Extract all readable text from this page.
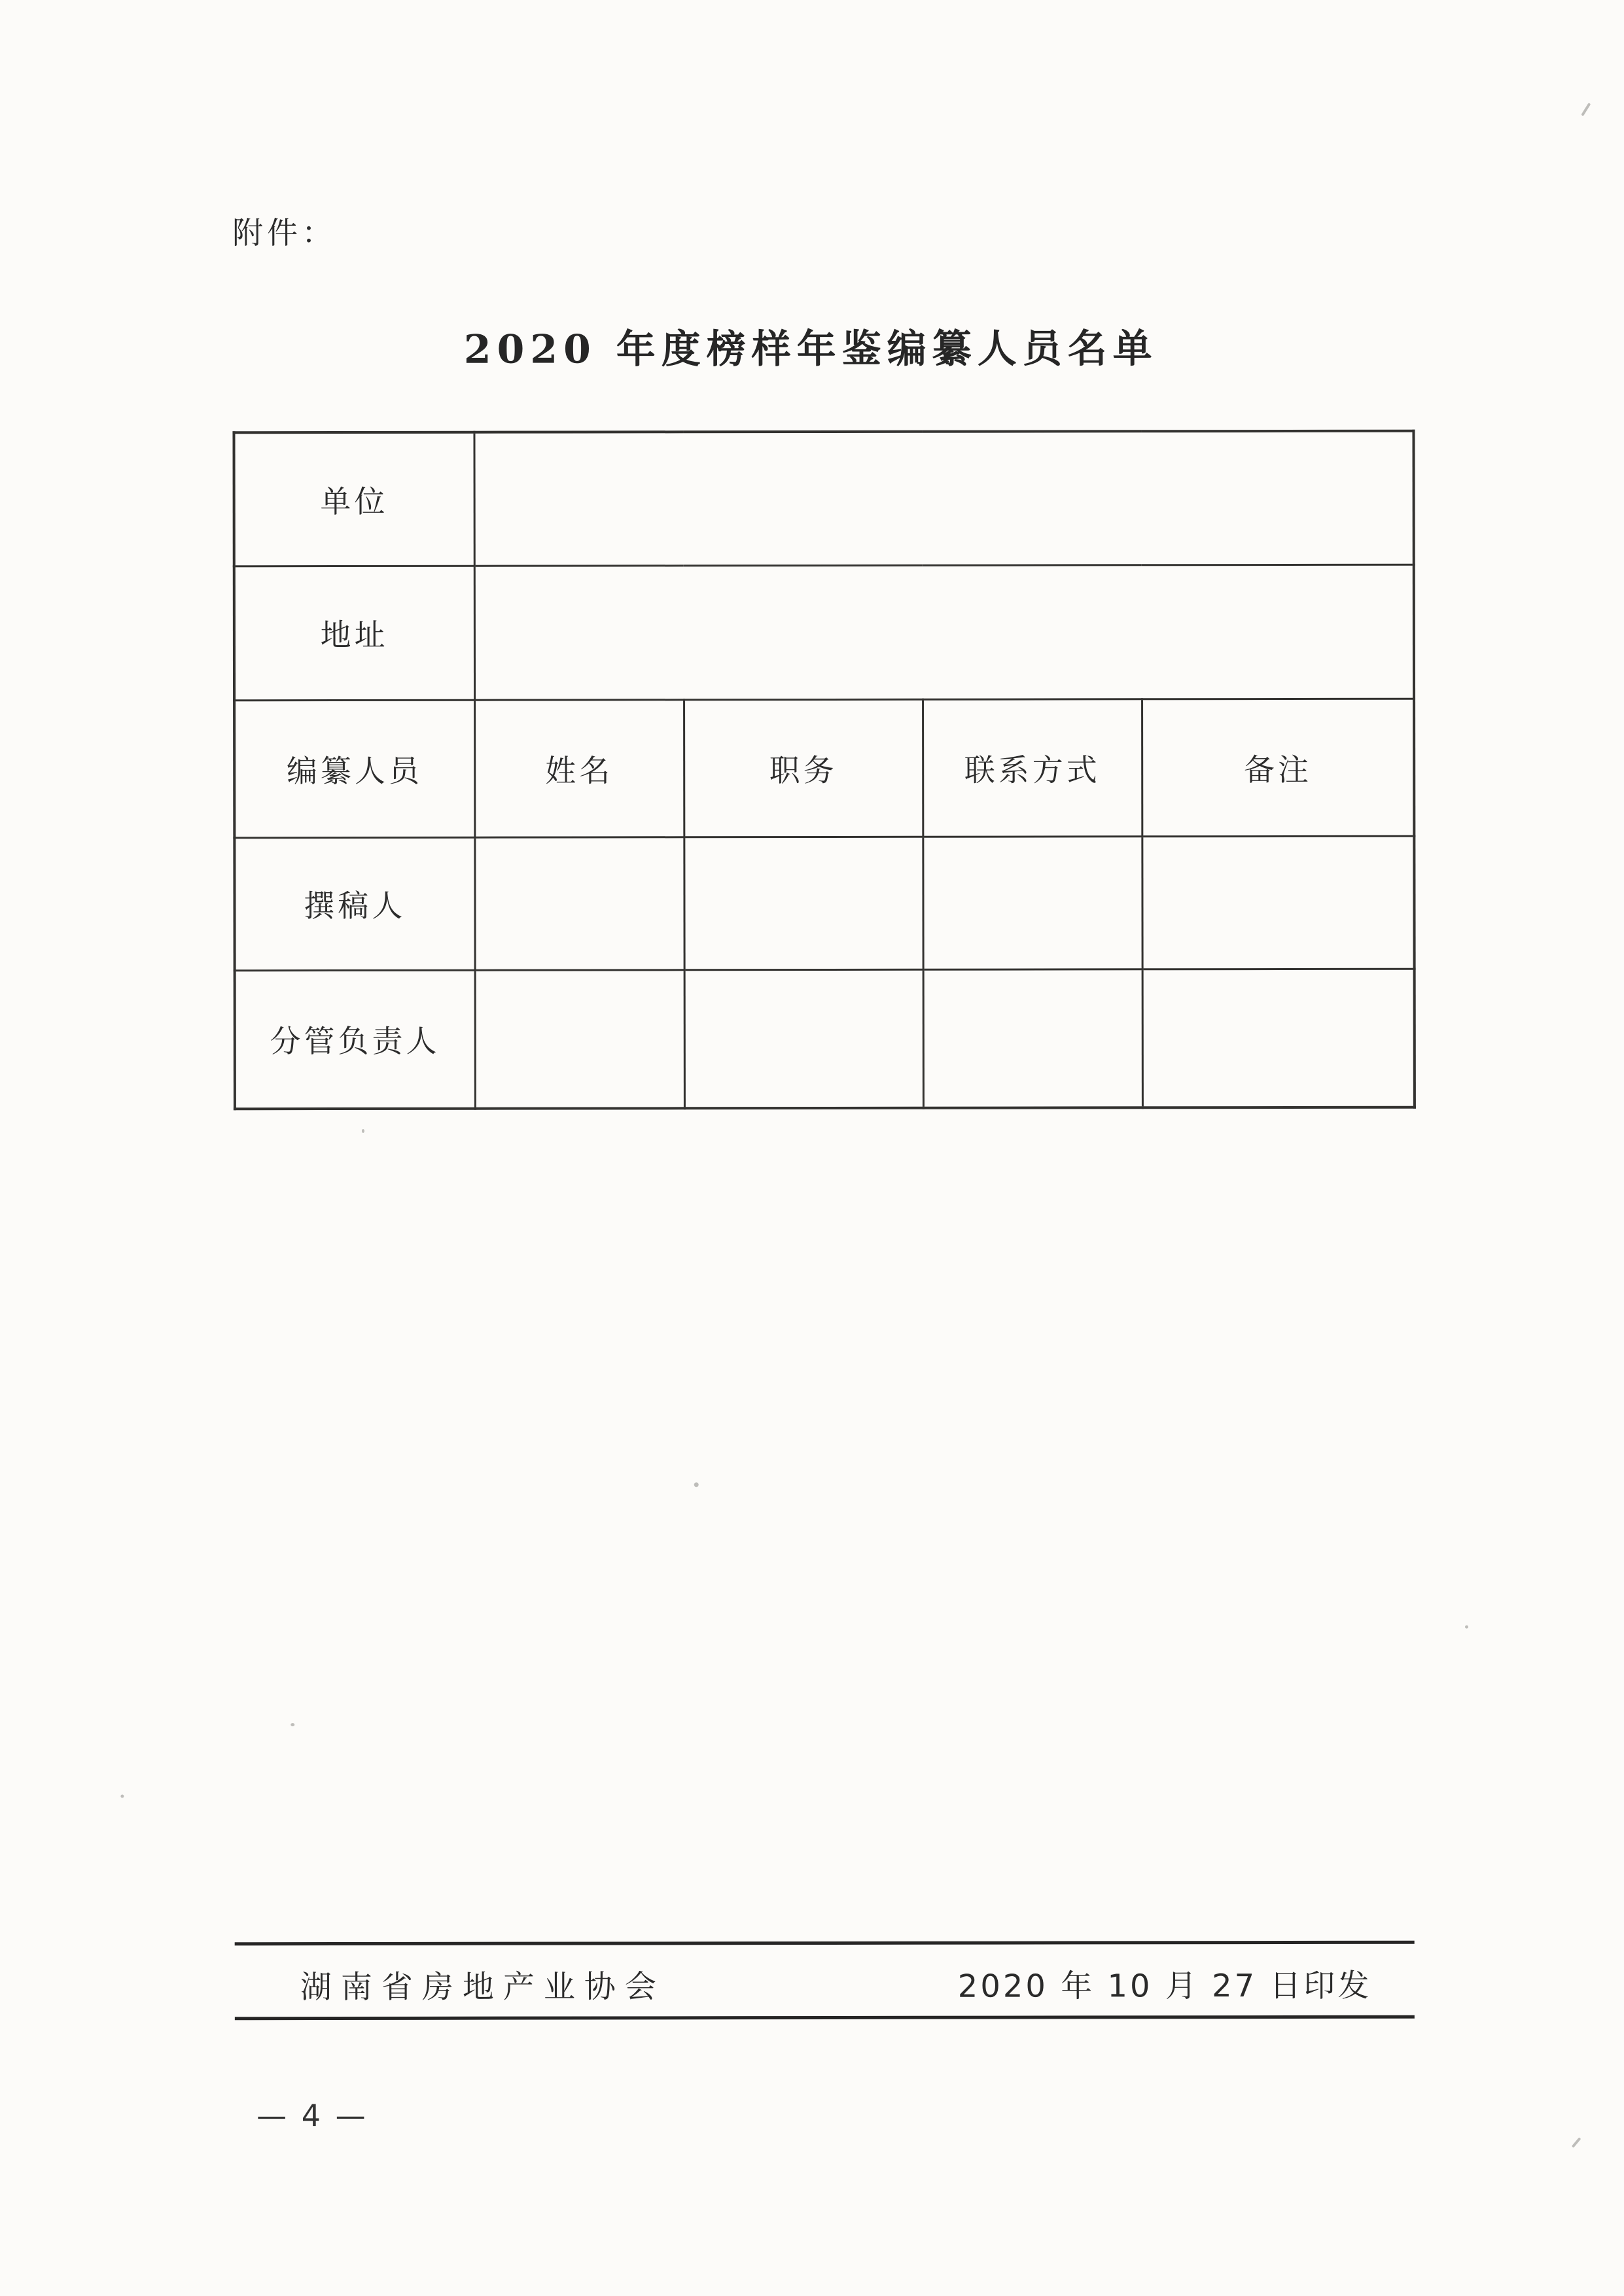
附件：
2020 年度榜样年鉴编纂人员名单
单位				
地址				
编纂人员	姓名	职务	联系方式	备注
撰稿人				
分管负责人				
湖南省房地产业协会	2020 年 10 月 27 日印发
— 4 —
